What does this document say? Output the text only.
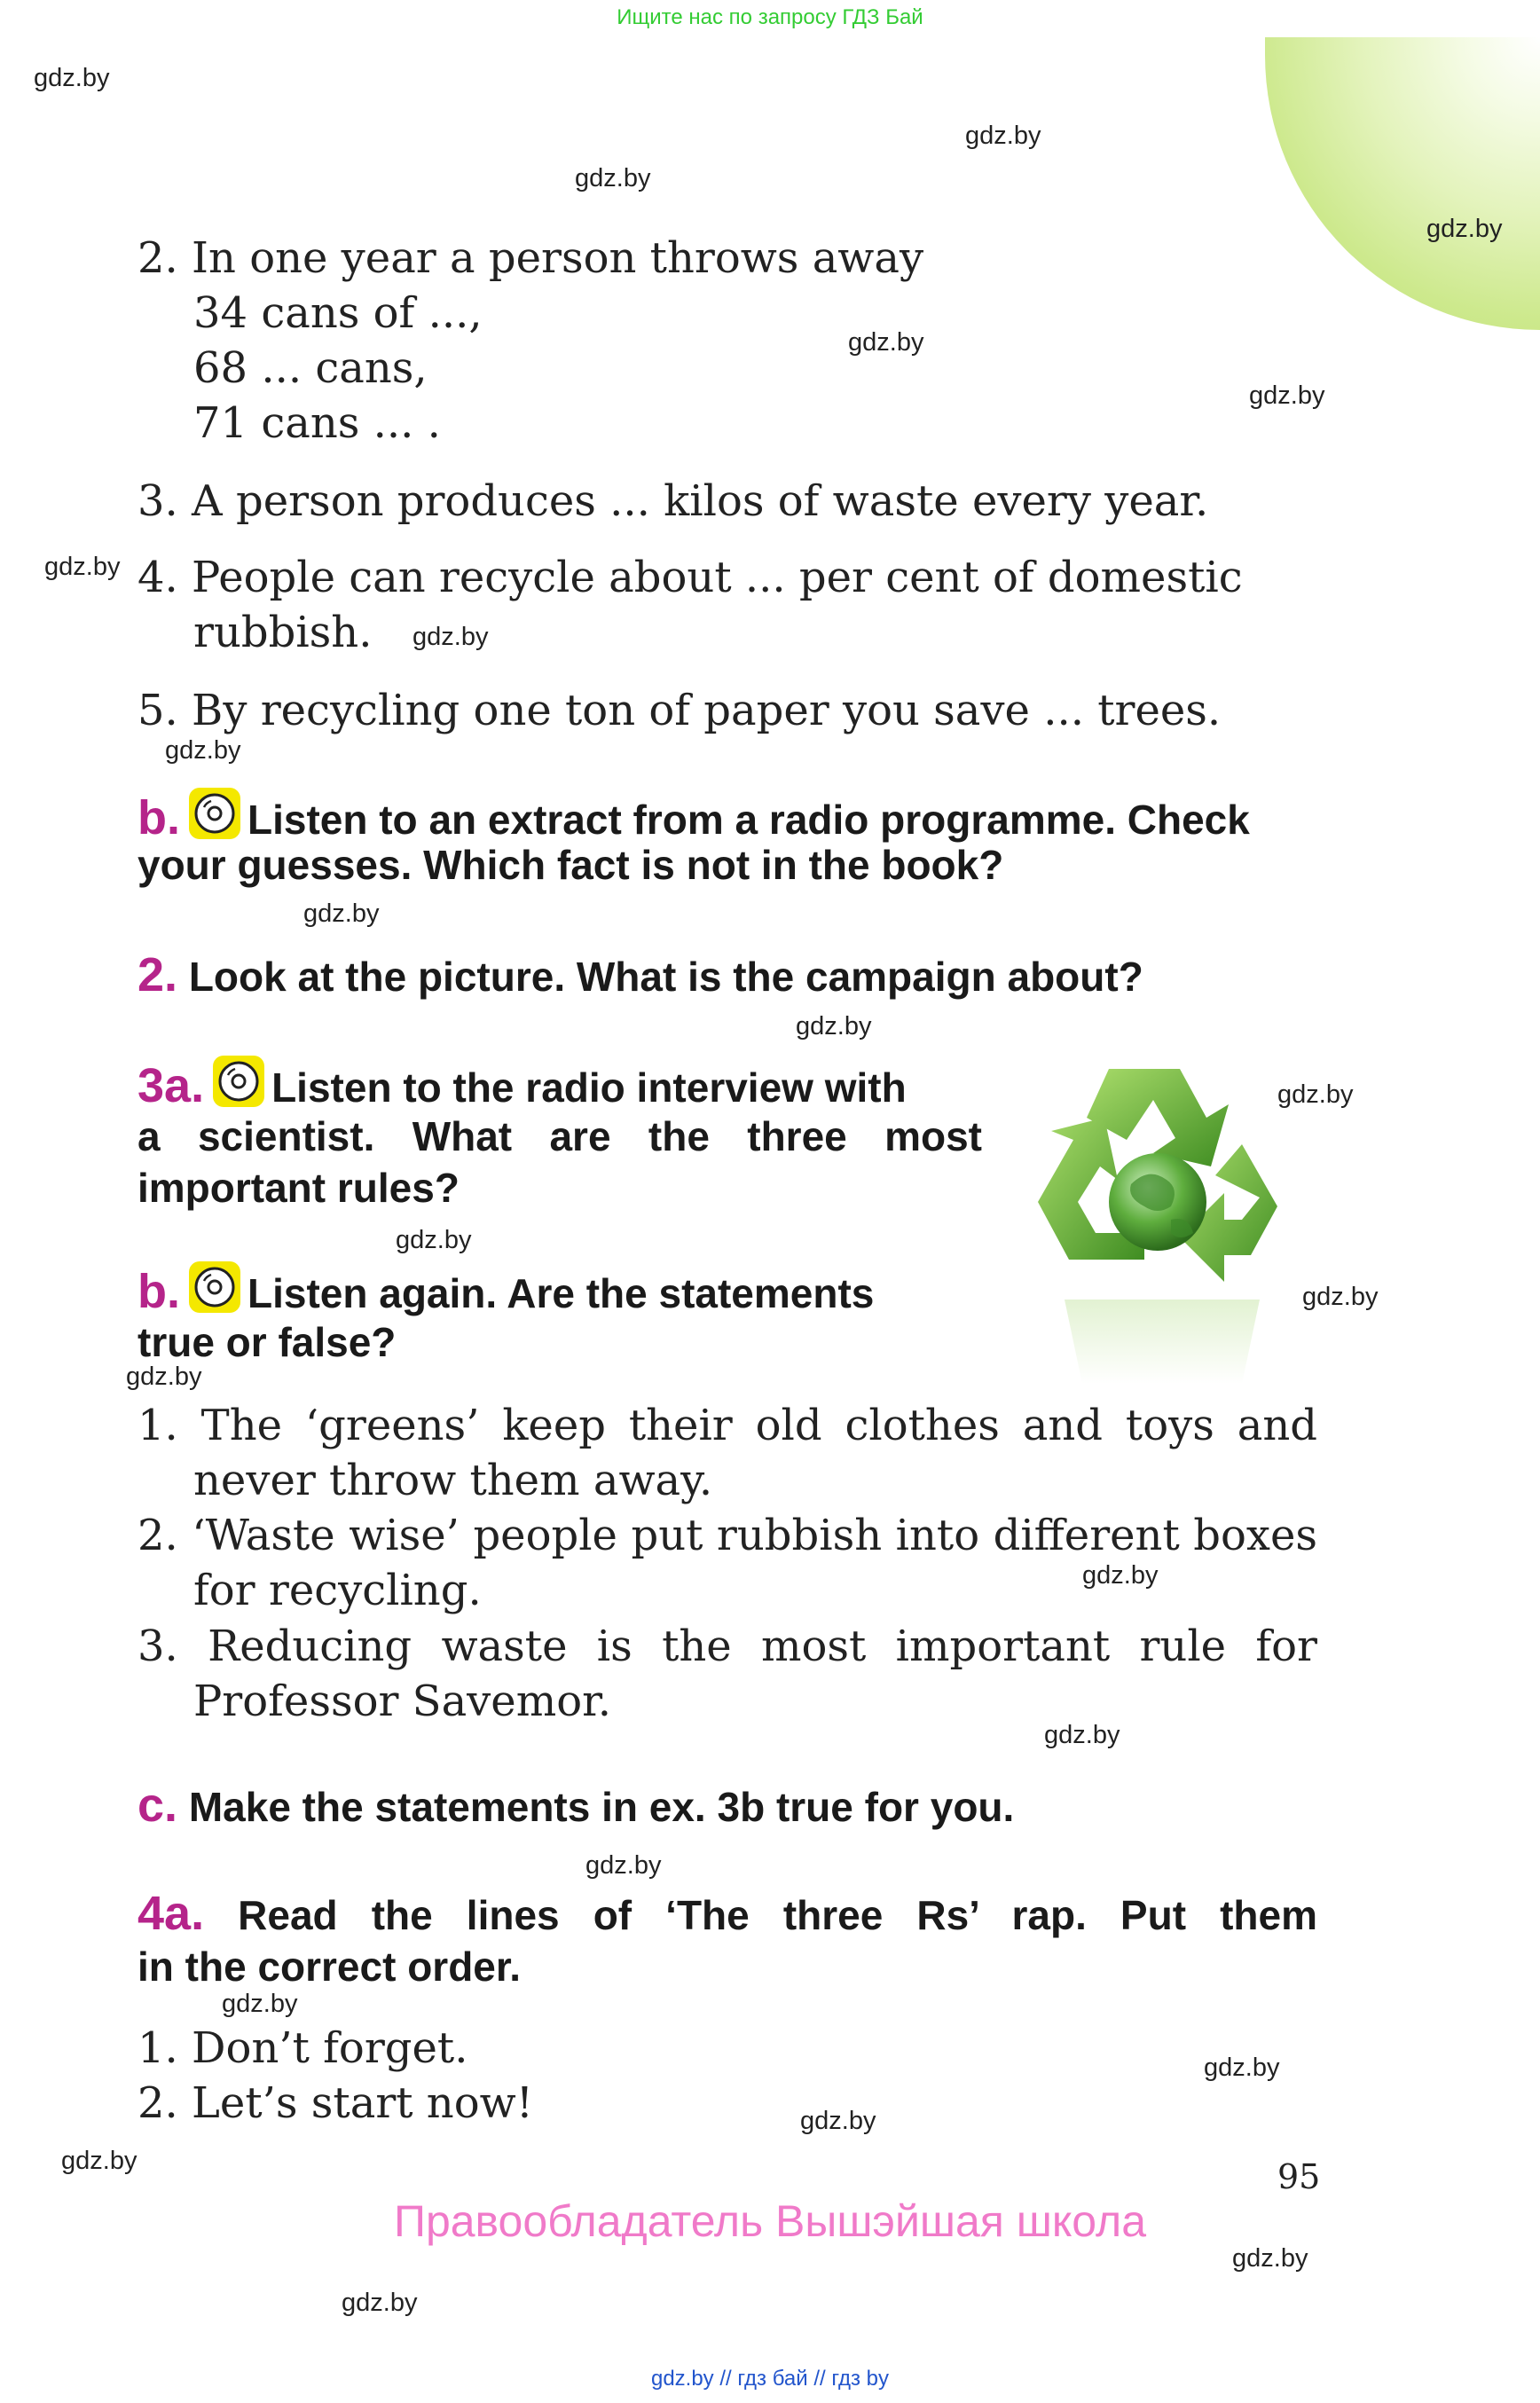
Ищите нас по запросу ГДЗ Бай
gdz.by
gdz.by
gdz.by
gdz.by
gdz.by
gdz.by
gdz.by
gdz.by
gdz.by
gdz.by
gdz.by
gdz.by
gdz.by
gdz.by
gdz.by
gdz.by
gdz.by
gdz.by
gdz.by
gdz.by
gdz.by
gdz.by
gdz.by
gdz.by
2. In one year a person throws away
34 cans of ...,
68 ... cans,
71 cans ... .
3. A person produces ... kilos of waste every year.
4. People can recycle about ... per cent of domestic
rubbish.
5. By recycling one ton of paper you save ... trees.
b. Listen to an extract from a radio programme. Check
your guesses. Which fact is not in the book?
2. Look at the picture. What is the campaign about?
3a. Listen to the radio interview with
a scientist. What are the three most
important rules?
b. Listen again. Are the statements
true or false?
1. The ‘greens’ keep their old clothes and toys and
never throw them away.
2. ‘Waste wise’ people put rubbish into different boxes
for recycling.
3. Reducing waste is the most important rule for
Professor Savemor.
c. Make the statements in ex. 3b true for you.
4a. Read the lines of ‘The three Rs’ rap. Put them
in the correct order.
1. Don’t forget.
2. Let’s start now!
95
Правообладатель Вышэйшая школа
gdz.by // гдз бай // гдз by
